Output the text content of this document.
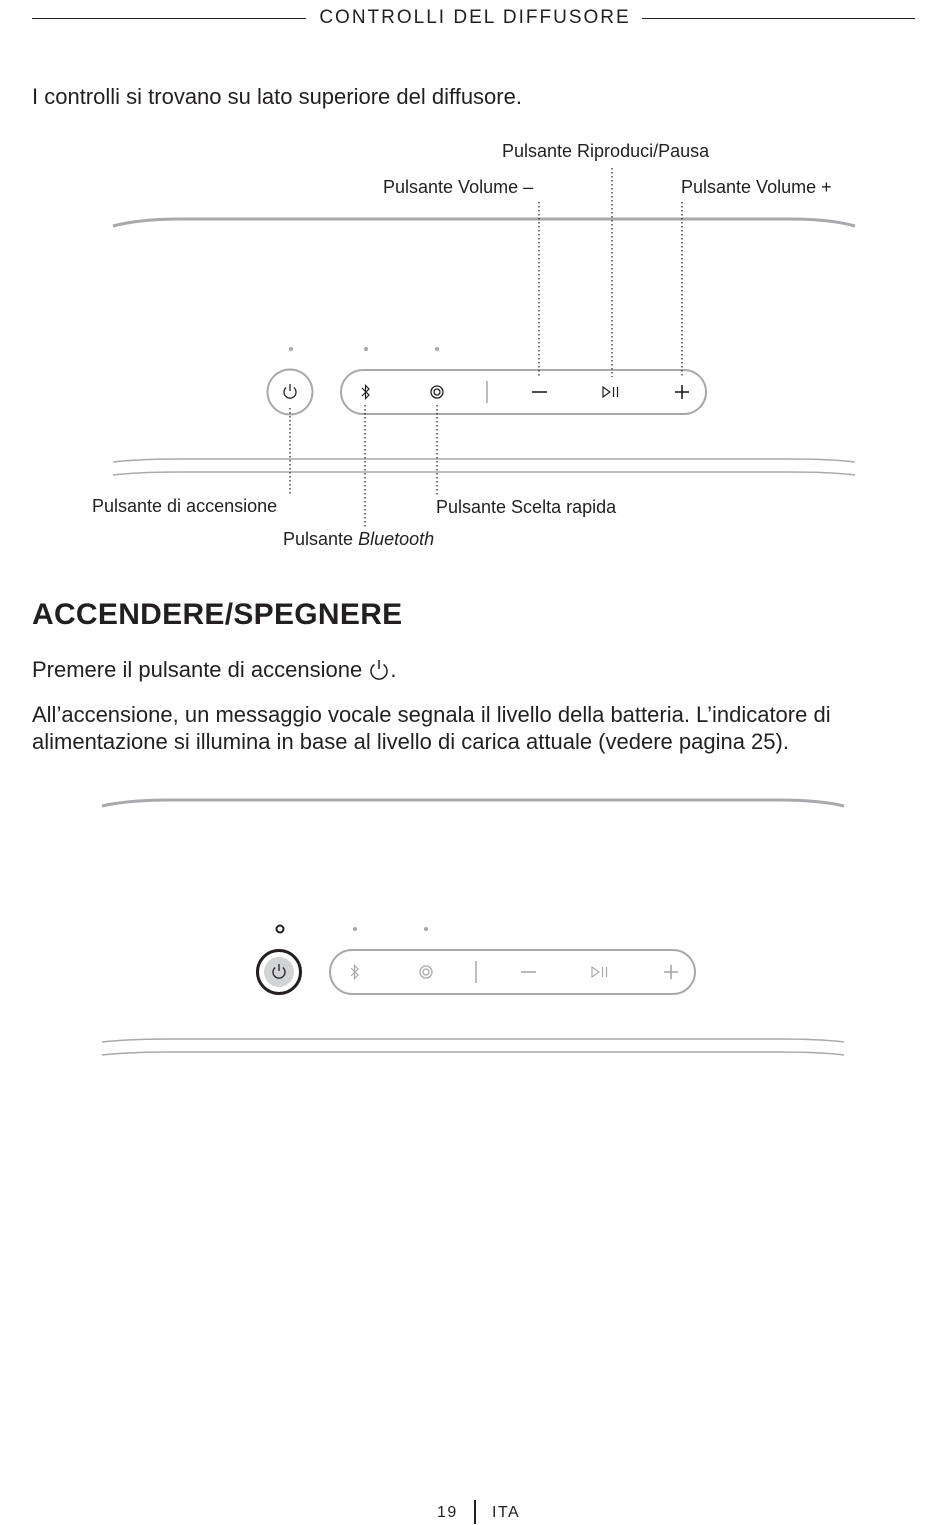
CONTROLLI DEL DIFFUSORE
I controlli si trovano su lato superiore del diffusore.
Pulsante Riproduci/Pausa
Pulsante Volume –	Pulsante Volume +
Pulsante di accensione	Pulsante Scelta rapida
Pulsante Bluetooth
ACCENDERE/SPEGNERE
Premere il pulsante di accensione .
All’accensione, un messaggio vocale segnala il livello della batteria. L’indicatore di alimentazione si illumina in base al livello di carica attuale (vedere pagina 25).
19 ITA
